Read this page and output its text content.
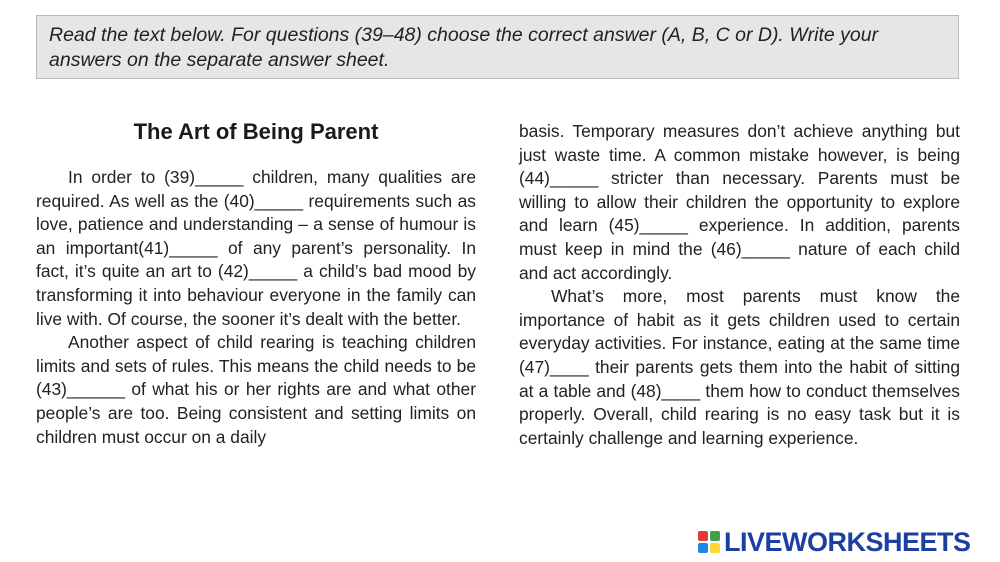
Read the text below. For questions (39–48) choose the correct answer (A, B, C or D). Write your answers on the separate answer sheet.
The Art of Being Parent

In order to (39)_____ children, many qualities are required. As well as the (40)_____ requirements such as love, patience and understanding – a sense of humour is an important(41)_____ of any parent’s personality. In fact, it’s quite an art to (42)_____ a child’s bad mood by transforming it into behaviour everyone in the family can live with. Of course, the sooner it’s dealt with the better.

Another aspect of child rearing is teaching children limits and sets of rules. This means the child needs to be (43)______ of what his or her rights are and what other people’s are too. Being consistent and setting limits on children must occur on a daily

basis. Temporary measures don’t achieve anything but just waste time. A common mistake however, is being (44)_____ stricter than necessary. Parents must be willing to allow their children the opportunity to explore and learn (45)_____ experience. In addition, parents must keep in mind the (46)_____ nature of each child and act accordingly.

What’s more, most parents must know the importance of habit as it gets children used to certain everyday activities. For instance, eating at the same time (47)____ their parents gets them into the habit of sitting at a table and (48)____ them how to conduct themselves properly. Overall, child rearing is no easy task but it is certainly challenge and learning experience.

LIVEWORKSHEETS
